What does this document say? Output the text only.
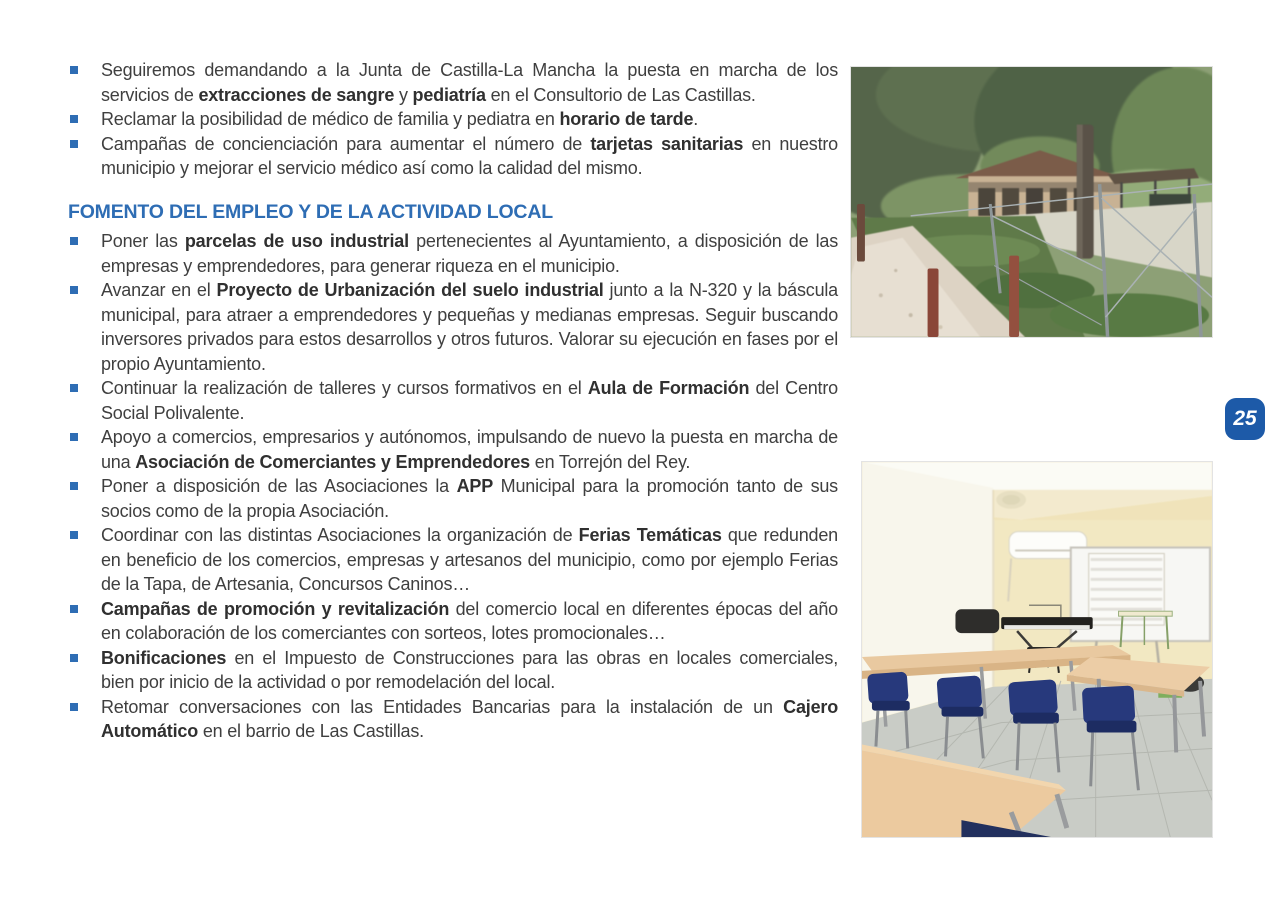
Seguiremos demandando a la Junta de Castilla-La Mancha la puesta en marcha de los servicios de extracciones de sangre y pediatría en el Consultorio de Las Castillas.
Reclamar la posibilidad de médico de familia y pediatra en horario de tarde.
Campañas de concienciación para aumentar el número de tarjetas sanitarias en nuestro municipio y mejorar el servicio médico así como la calidad del mismo.
FOMENTO DEL EMPLEO Y DE LA ACTIVIDAD LOCAL
Poner las parcelas de uso industrial pertenecientes al Ayuntamiento, a disposición de las empresas y emprendedores, para generar riqueza en el municipio.
Avanzar en el Proyecto de Urbanización del suelo industrial junto a la N-320 y la báscula municipal, para atraer a emprendedores y pequeñas y medianas empresas. Seguir buscando inversores privados para estos desarrollos y otros futuros. Valorar su ejecución en fases por el propio Ayuntamiento.
Continuar la realización de talleres y cursos formativos en el Aula de Formación del Centro Social Polivalente.
Apoyo a comercios, empresarios y autónomos, impulsando de nuevo la puesta en marcha de una Asociación de Comerciantes y Emprendedores en Torrejón del Rey.
Poner a disposición de las Asociaciones la APP Municipal para la promoción tanto de sus socios como de la propia Asociación.
Coordinar con las distintas Asociaciones la organización de Ferias Temáticas que redunden en beneficio de los comercios, empresas y artesanos del municipio, como por ejemplo Ferias de la Tapa, de Artesania, Concursos Caninos…
Campañas de promoción y revitalización del comercio local en diferentes épocas del año en colaboración de los comerciantes con sorteos, lotes promocionales…
Bonificaciones en el Impuesto de Construcciones para las obras en locales comerciales, bien por inicio de la actividad o por remodelación del local.
Retomar conversaciones con las Entidades Bancarias para la instalación de un Cajero Automático en el barrio de Las Castillas.
25
